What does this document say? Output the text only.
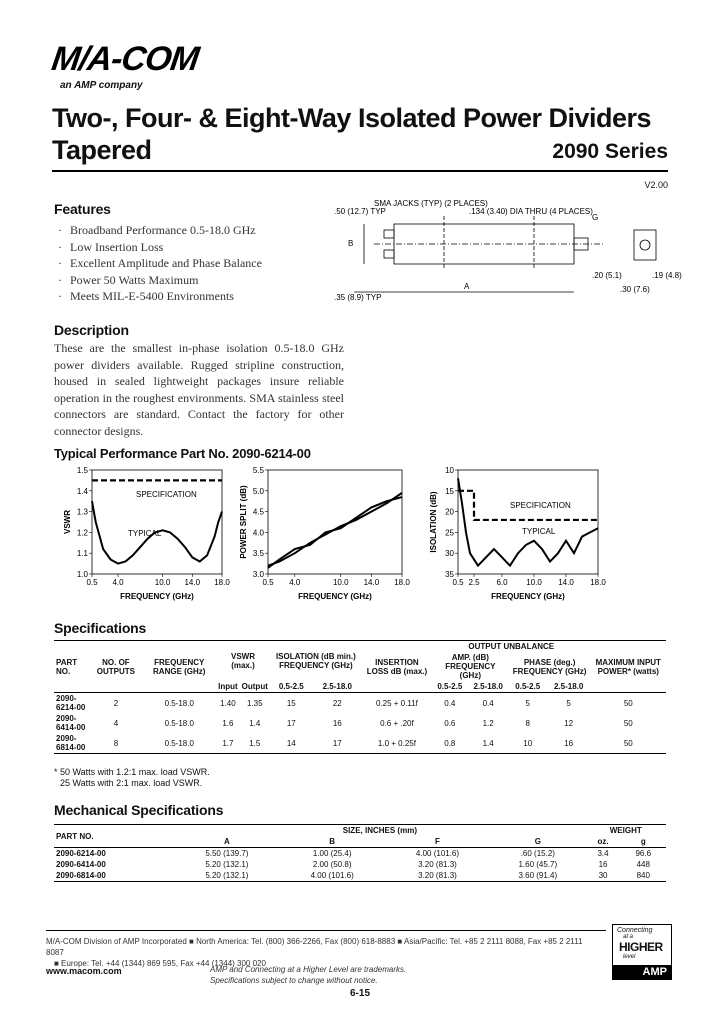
M/A-COM
an AMP company
Two-, Four- & Eight-Way Isolated Power Dividers
Tapered	2090 Series
V2.00
Features
· Broadband Performance 0.5-18.0 GHz
· Low Insertion Loss
· Excellent Amplitude and Phase Balance
· Power 50 Watts Maximum
· Meets MIL-E-5400 Environments
.50 (12.7) TYP
SMA JACKS (TYP) (2 PLACES)
.134 (3.40) DIA THRU (4 PLACES)
B
A
G
.35 (8.9) TYP
.20 (5.1)
.30 (7.6)
.19 (4.8)
Description
These are the smallest in-phase isolation 0.5-18.0 GHz power dividers available. Rugged stripline construction, housed in sealed lightweight packages insure reliable operation in the roughest environments. SMA stainless steel connectors are standard. Contact the factory for other connector designs.
Typical Performance Part No. 2090-6214-00
1.0
1.1
1.2
1.3
1.4
1.5
0.5 4.0	10.0 14.0 18.0
FREQUENCY (GHz)
VSWR
SPECIFICATION
TYPICAL
3.0
3.5
4.0
4.5
5.0
5.5
0.5 4.0	10.0 14.0 18.0
FREQUENCY (GHz)
POWER SPLIT (dB)
10
15
20
25
30
35
0.5 2.5 6.0 10.0 14.0 18.0
FREQUENCY (GHz)
ISOLATION (dB)	SPECIFICATION
TYPICAL
Specifications
PART NO.	NO. OF OUTPUTS	FREQUENCY RANGE (GHz)	VSWR (max.)		ISOLATION (dB min.) FREQUENCY (GHz)		INSERTION LOSS dB (max.)	OUTPUT UNBALANCE				MAXIMUM INPUT POWER* (watts)
								AMP. (dB) FREQUENCY (GHz)		PHASE (deg.) FREQUENCY (GHz)		
			Input	Output	0.5-2.5	2.5-18.0		0.5-2.5	2.5-18.0	0.5-2.5	2.5-18.0	
2090-6214-00	2	0.5-18.0	1.40	1.35	15	22	0.25 + 0.11f	0.4	0.4	5	5	50
2090-6414-00	4	0.5-18.0	1.6	1.4	17	16	0.6 + .20f	0.6	1.2	8	12	50
2090-6814-00	8	0.5-18.0	1.7	1.5	14	17	1.0 + 0.25f	0.8	1.4	10	16	50
* 50 Watts with 1.2:1 max. load VSWR.
25 Watts with 2:1 max. load VSWR.
Mechanical Specifications
PART NO.	SIZE, INCHES (mm)				WEIGHT	
	A	B	F	G	oz.	g
2090-6214-00	5.50 (139.7)	1.00 (25.4)	4.00 (101.6)	.60 (15.2)	3.4	96.6
2090-6414-00	5.20 (132.1)	2.00 (50.8)	3.20 (81.3)	1.60 (45.7)	16	448
2090-6814-00	5.20 (132.1)	4.00 (101.6)	3.20 (81.3)	3.60 (91.4)	30	840
M/A-COM Division of AMP Incorporated ■ North America: Tel. (800) 366-2266, Fax (800) 618-8883 ■ Asia/Pacific: Tel. +85 2 2111 8088, Fax +85 2 2111 8087
■ Europe: Tel. +44 (1344) 869 595, Fax +44 (1344) 300 020
www.macom.com	AMP and Connecting at a Higher Level are trademarks.
Specifications subject to change without notice.
6-15
Connecting
at a
HIGHER
level
AMP
